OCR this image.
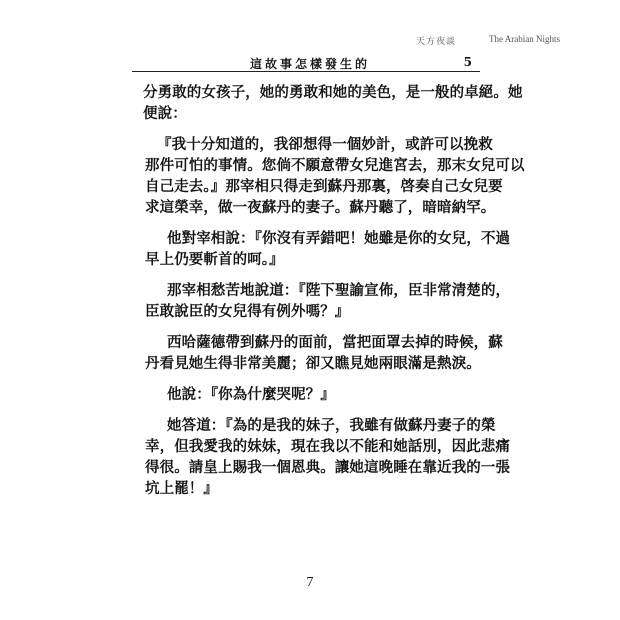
天方夜談	The Arabian Nights
這故事怎樣發生的	5
分勇敢的女孩子，她的勇敢和她的美色，是一般的卓絕。她
便說：
『我十分知道的，我卻想得一個妙計，或許可以挽救
那件可怕的事情。您倘不願意帶女兒進宮去，那末女兒可以
自己走去。』那宰相只得走到蘇丹那裏，啓奏自己女兒要
求這榮幸，做一夜蘇丹的妻子。蘇丹聽了，暗暗納罕。
他對宰相說：『你沒有弄錯吧！她雖是你的女兒，不過
早上仍要斬首的呵。』
那宰相愁苦地說道：『陛下聖諭宣佈，臣非常清楚的，
臣敢說臣的女兒得有例外嗎？』
西哈薩德帶到蘇丹的面前，當把面罩去掉的時候，蘇
丹看見她生得非常美麗；卻又瞧見她兩眼滿是熱淚。
他說：『你為什麼哭呢？』
她答道：『為的是我的妹子，我雖有做蘇丹妻子的榮
幸，但我愛我的妹妹，現在我以不能和她話別，因此悲痛
得很。請皇上賜我一個恩典。讓她這晚睡在靠近我的一張
坑上罷！』
7
